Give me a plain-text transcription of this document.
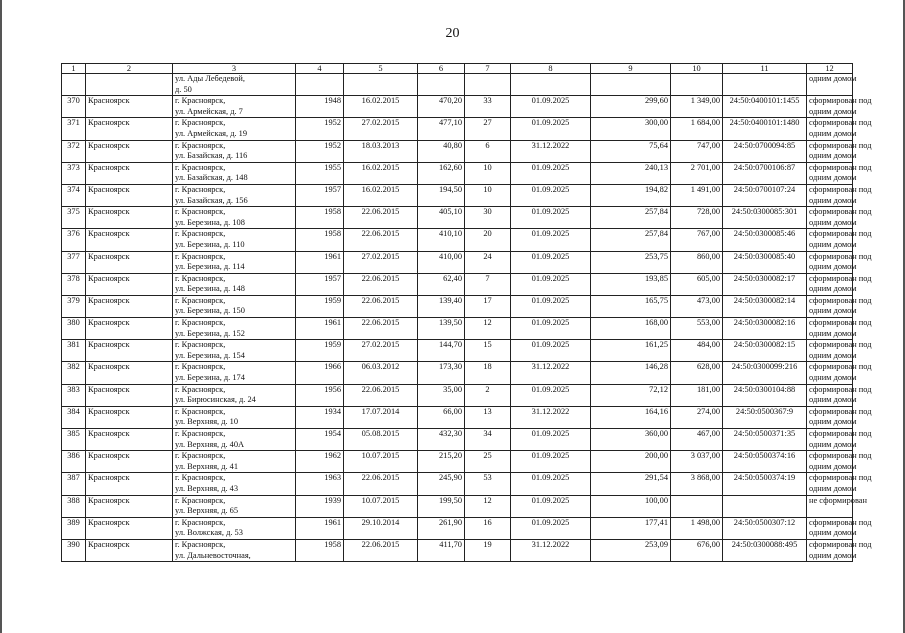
20
1	2	3	4	5	6	7	8	9	10	11	12

		ул. Ады Лебедевой,
д. 50									одним домом

370	Красноярск	г. Красноярск,
ул. Армейская, д. 7	1948	16.02.2015	470,20	33	01.09.2025	299,60	1 349,00	24:50:0400101:1455	сформирован под
одним домом

371	Красноярск	г. Красноярск,
ул. Армейская, д. 19	1952	27.02.2015	477,10	27	01.09.2025	300,00	1 684,00	24:50:0400101:1480	сформирован под
одним домом

372	Красноярск	г. Красноярск,
ул. Базайская, д. 116	1952	18.03.2013	40,80	6	31.12.2022	75,64	747,00	24:50:0700094:85	сформирован под
одним домом

373	Красноярск	г. Красноярск,
ул. Базайская, д. 148	1955	16.02.2015	162,60	10	01.09.2025	240,13	2 701,00	24:50:0700106:87	сформирован под
одним домом

374	Красноярск	г. Красноярск,
ул. Базайская, д. 156	1957	16.02.2015	194,50	10	01.09.2025	194,82	1 491,00	24:50:0700107:24	сформирован под
одним домом

375	Красноярск	г. Красноярск,
ул. Березина, д. 108	1958	22.06.2015	405,10	30	01.09.2025	257,84	728,00	24:50:0300085:301	сформирован под
одним домом

376	Красноярск	г. Красноярск,
ул. Березина, д. 110	1958	22.06.2015	410,10	20	01.09.2025	257,84	767,00	24:50:0300085:46	сформирован под
одним домом

377	Красноярск	г. Красноярск,
ул. Березина, д. 114	1961	27.02.2015	410,00	24	01.09.2025	253,75	860,00	24:50:0300085:40	сформирован под
одним домом

378	Красноярск	г. Красноярск,
ул. Березина, д. 148	1957	22.06.2015	62,40	7	01.09.2025	193,85	605,00	24:50:0300082:17	сформирован под
одним домом

379	Красноярск	г. Красноярск,
ул. Березина, д. 150	1959	22.06.2015	139,40	17	01.09.2025	165,75	473,00	24:50:0300082:14	сформирован под
одним домом

380	Красноярск	г. Красноярск,
ул. Березина, д. 152	1961	22.06.2015	139,50	12	01.09.2025	168,00	553,00	24:50:0300082:16	сформирован под
одним домом

381	Красноярск	г. Красноярск,
ул. Березина, д. 154	1959	27.02.2015	144,70	15	01.09.2025	161,25	484,00	24:50:0300082:15	сформирован под
одним домом

382	Красноярск	г. Красноярск,
ул. Березина, д. 174	1966	06.03.2012	173,30	18	31.12.2022	146,28	628,00	24:50:0300099:216	сформирован под
одним домом

383	Красноярск	г. Красноярск,
ул. Бирюсинская, д. 24	1956	22.06.2015	35,00	2	01.09.2025	72,12	181,00	24:50:0300104:88	сформирован под
одним домом

384	Красноярск	г. Красноярск,
ул. Верхняя, д. 10	1934	17.07.2014	66,00	13	31.12.2022	164,16	274,00	24:50:0500367:9	сформирован под
одним домом

385	Красноярск	г. Красноярск,
ул. Верхняя, д. 40А	1954	05.08.2015	432,30	34	01.09.2025	360,00	467,00	24:50:0500371:35	сформирован под
одним домом

386	Красноярск	г. Красноярск,
ул. Верхняя, д. 41	1962	10.07.2015	215,20	25	01.09.2025	200,00	3 037,00	24:50:0500374:16	сформирован под
одним домом

387	Красноярск	г. Красноярск,
ул. Верхняя, д. 43	1963	22.06.2015	245,90	53	01.09.2025	291,54	3 868,00	24:50:0500374:19	сформирован под
одним домом

388	Красноярск	г. Красноярск,
ул. Верхняя, д. 65	1939	10.07.2015	199,50	12	01.09.2025	100,00			не сформирован

389	Красноярск	г. Красноярск,
ул. Волжская, д. 53	1961	29.10.2014	261,90	16	01.09.2025	177,41	1 498,00	24:50:0500307:12	сформирован под
одним домом

390	Красноярск	г. Красноярск,
ул. Дальневосточная,	1958	22.06.2015	411,70	19	31.12.2022	253,09	676,00	24:50:0300088:495	сформирован под
одним домом
